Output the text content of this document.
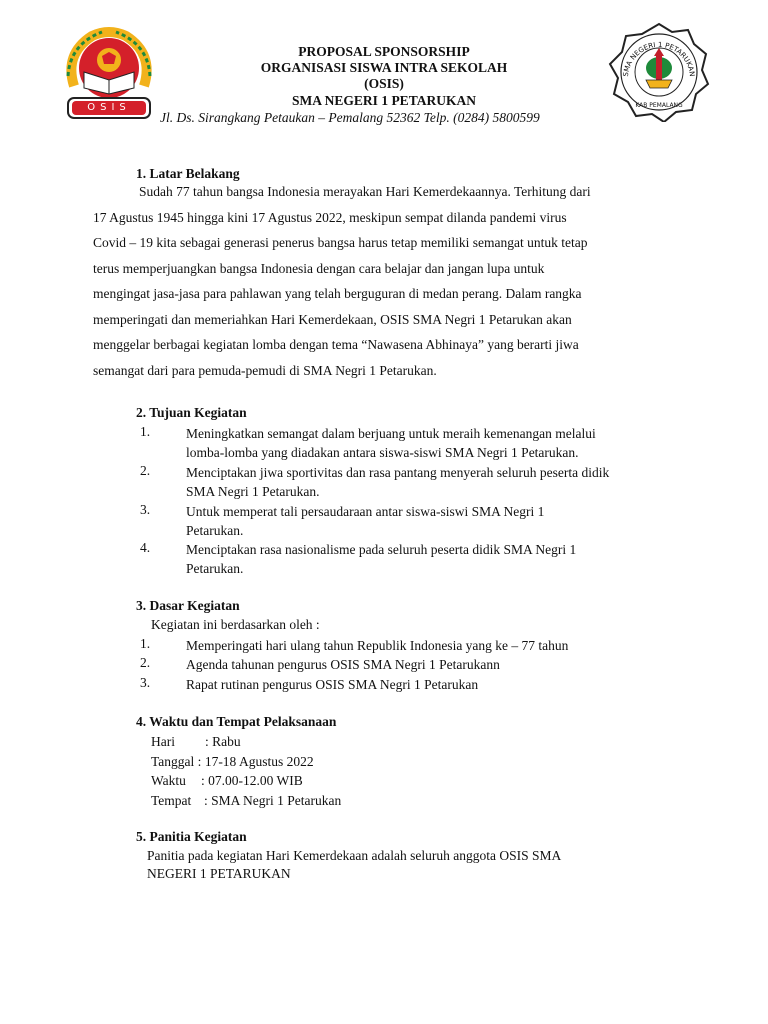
OSIS	KAB PEMALANG
SMA NEGERI 1 PETARUKAN
PROPOSAL SPONSORSHIP
ORGANISASI SISWA INTRA SEKOLAH
(OSIS)
SMA NEGERI 1 PETARUKAN
Jl. Ds. Sirangkang Petaukan – Pemalang 52362 Telp. (0284) 5800599
1. Latar Belakang

Sudah 77 tahun bangsa Indonesia merayakan Hari Kemerdekaannya. Terhitung dari

17 Agustus 1945 hingga kini 17 Agustus 2022, meskipun sempat dilanda pandemi virus

Covid – 19 kita sebagai generasi penerus bangsa harus tetap memiliki semangat untuk tetap

terus memperjuangkan bangsa Indonesia dengan cara belajar dan jangan lupa untuk

mengingat jasa-jasa para pahlawan yang telah berguguran di medan perang. Dalam rangka

memperingati dan memeriahkan Hari Kemerdekaan, OSIS SMA Negri 1 Petarukan akan

menggelar berbagai kegiatan lomba dengan tema “Nawasena Abhinaya” yang berarti jiwa

semangat dari para pemuda-pemudi di SMA Negri 1 Petarukan.

2. Tujuan Kegiatan
1.	Meningkatkan semangat dalam berjuang untuk meraih kemenangan melalui
lomba-lomba yang diadakan antara siswa-siswi SMA Negri 1 Petarukan.
2.	Menciptakan jiwa sportivitas dan rasa pantang menyerah seluruh peserta didik
SMA Negri 1 Petarukan.
3.	Untuk memperat tali persaudaraan antar siswa-siswi SMA Negri 1
Petarukan.
4.	Menciptakan rasa nasionalisme pada seluruh peserta didik SMA Negri 1
Petarukan.
3. Dasar Kegiatan
Kegiatan ini berdasarkan oleh :
1.	Memperingati hari ulang tahun Republik Indonesia yang ke – 77 tahun
2.	Agenda tahunan pengurus OSIS SMA Negri 1 Petarukann
3.	Rapat rutinan pengurus OSIS SMA Negri 1 Petarukan
4. Waktu dan Tempat Pelaksanaan
Hari : Rabu
Tanggal : 17-18 Agustus 2022
Waktu : 07.00-12.00 WIB
Tempat : SMA Negri 1 Petarukan
5. Panitia Kegiatan
Panitia pada kegiatan Hari Kemerdekaan adalah seluruh anggota OSIS SMA
NEGERI 1 PETARUKAN
